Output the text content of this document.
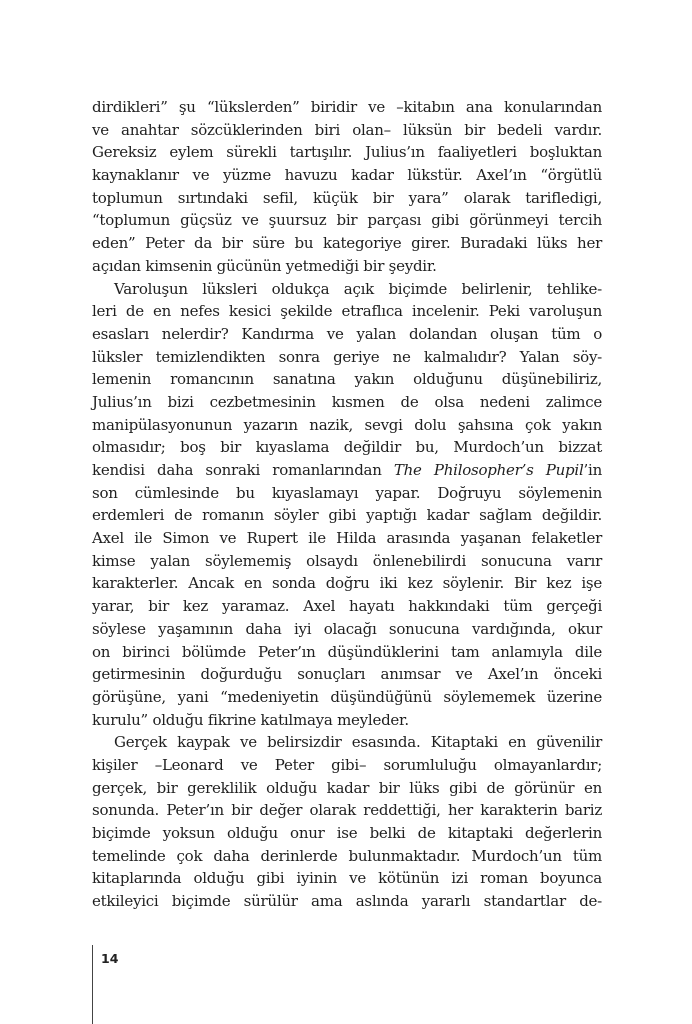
dirdikleri” şu “lükslerden” biridir ve –kitabın ana konularından
ve anahtar sözcüklerinden biri olan– lüksün bir bedeli vardır.
Gereksiz eylem sürekli tartışılır. Julius’ın faaliyetleri boşluktan
kaynaklanır ve yüzme havuzu kadar lükstür. Axel’ın “örgütlü
toplumun sırtındaki sefil, küçük bir yara” olarak tarifledigi,
“toplumun güçsüz ve şuursuz bir parçası gibi görünmeyi tercih
eden” Peter da bir süre bu kategoriye girer. Buradaki lüks her
açıdan kimsenin gücünün yetmediği bir şeydir.
Varoluşun lüksleri oldukça açık biçimde belirlenir, tehlike-
leri de en nefes kesici şekilde etraflıca incelenir. Peki varoluşun
esasları nelerdir? Kandırma ve yalan dolandan oluşan tüm o
lüksler temizlendikten sonra geriye ne kalmalıdır? Yalan söy-
lemenin romancının sanatına yakın olduğunu düşünebiliriz,
Julius’ın bizi cezbetmesinin kısmen de olsa nedeni zalimce
manipülasyonunun yazarın nazik, sevgi dolu şahsına çok yakın
olmasıdır; boş bir kıyaslama değildir bu, Murdoch’un bizzat
kendisi daha sonraki romanlarından The Philosopher’s Pupil’in
son cümlesinde bu kıyaslamayı yapar. Doğruyu söylemenin
erdemleri de romanın söyler gibi yaptığı kadar sağlam değildir.
Axel ile Simon ve Rupert ile Hilda arasında yaşanan felaketler
kimse yalan söylememiş olsaydı önlenebilirdi sonucuna varır
karakterler. Ancak en sonda doğru iki kez söylenir. Bir kez işe
yarar, bir kez yaramaz. Axel hayatı hakkındaki tüm gerçeği
söylese yaşamının daha iyi olacağı sonucuna vardığında, okur
on birinci bölümde Peter’ın düşündüklerini tam anlamıyla dile
getirmesinin doğurduğu sonuçları anımsar ve Axel’ın önceki
görüşüne, yani “medeniyetin düşündüğünü söylememek üzerine
kurulu” olduğu fikrine katılmaya meyleder.
Gerçek kaypak ve belirsizdir esasında. Kitaptaki en güvenilir
kişiler –Leonard ve Peter gibi– sorumluluğu olmayanlardır;
gerçek, bir gereklilik olduğu kadar bir lüks gibi de görünür en
sonunda. Peter’ın bir değer olarak reddettiği, her karakterin bariz
biçimde yoksun olduğu onur ise belki de kitaptaki değerlerin
temelinde çok daha derinlerde bulunmaktadır. Murdoch’un tüm
kitaplarında olduğu gibi iyinin ve kötünün izi roman boyunca
etkileyici biçimde sürülür ama aslında yararlı standartlar de-
14
